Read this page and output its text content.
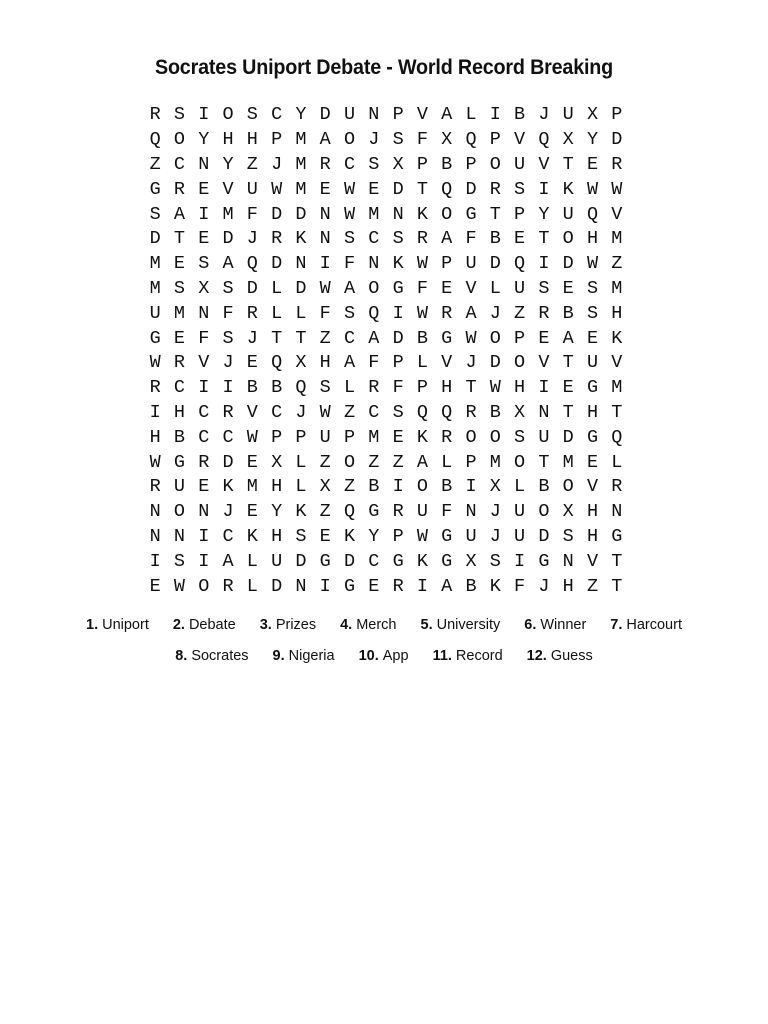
Socrates Uniport Debate - World Record Breaking
R S I O S C Y D U N P V A L I B J U X P
Q O Y H H P M A O J S F X Q P V Q X Y D
Z C N Y Z J M R C S X P B P O U V T E R
G R E V U W M E W E D T Q D R S I K W W
S A I M F D D N W M N K O G T P Y U Q V
D T E D J R K N S C S R A F B E T O H M
M E S A Q D N I F N K W P U D Q I D W Z
M S X S D L D W A O G F E V L U S E S M
U M N F R L L F S Q I W R A J Z R B S H
G E F S J T T Z C A D B G W O P E A E K
W R V J E Q X H A F P L V J D O V T U V
R C I I B B Q S L R F P H T W H I E G M
I H C R V C J W Z C S Q Q R B X N T H T
H B C C W P P U P M E K R O O S U D G Q
W G R D E X L Z O Z Z A L P M O T M E L
R U E K M H L X Z B I O B I X L B O V R
N O N J E Y K Z Q G R U F N J U O X H N
N N I C K H S E K Y P W G U J U D S H G
I S I A L U D G D C G K G X S I G N V T
E W O R L D N I G E R I A B K F J H Z T
1. Uniport 2. Debate 3. Prizes 4. Merch 5. University 6. Winner 7. Harcourt
8. Socrates 9. Nigeria 10. App 11. Record 12. Guess
